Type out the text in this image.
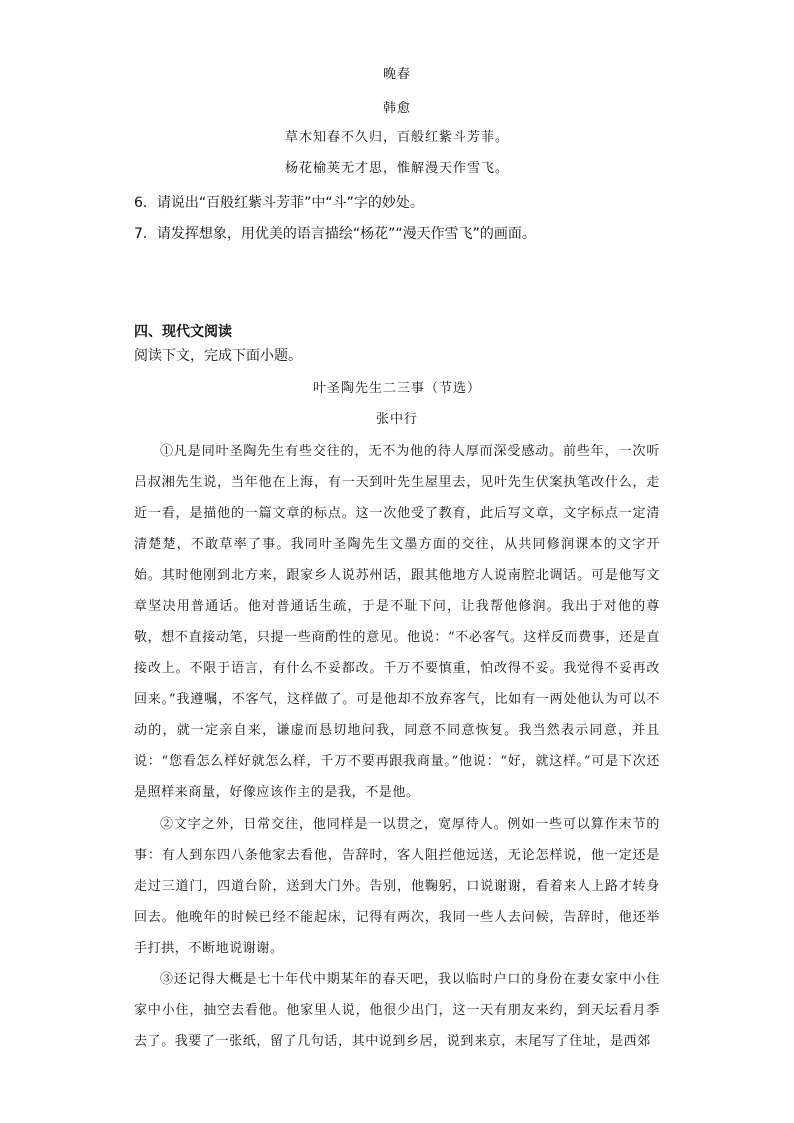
晚春
韩愈
草木知春不久归，百般红紫斗芳菲。
杨花榆荚无才思，惟解漫天作雪飞。
6．请说出“百般红紫斗芳菲”中“斗”字的妙处。
7．请发挥想象，用优美的语言描绘“杨花”“漫天作雪飞”的画面。
四、现代文阅读
阅读下文，完成下面小题。
叶圣陶先生二三事（节选）
张中行
①凡是同叶圣陶先生有些交往的，无不为他的待人厚而深受感动。前些年，一次听吕叔湘先生说，当年他在上海，有一天到叶先生屋里去，见叶先生伏案执笔改什么，走近一看，是描他的一篇文章的标点。这一次他受了教育，此后写文章，文字标点一定清清楚楚，不敢草率了事。我同叶圣陶先生文墨方面的交往，从共同修润课本的文字开始。其时他刚到北方来，跟家乡人说苏州话，跟其他地方人说南腔北调话。可是他写文章坚决用普通话。他对普通话生疏，于是不耻下问，让我帮他修润。我出于对他的尊敬，想不直接动笔，只提一些商酌性的意见。他说：“不必客气。这样反而费事，还是直接改上。不限于语言，有什么不妥都改。千万不要慎重，怕改得不妥。我觉得不妥再改回来。”我遵嘱，不客气，这样做了。可是他却不放弃客气，比如有一两处他认为可以不动的，就一定亲自来，谦虚而恳切地问我，同意不同意恢复。我当然表示同意，并且说：“您看怎么样好就怎么样，千万不要再跟我商量。”他说：“好，就这样。”可是下次还是照样来商量，好像应该作主的是我，不是他。
②文字之外，日常交往，他同样是一以贯之，宽厚待人。例如一些可以算作末节的事：有人到东四八条他家去看他，告辞时，客人阻拦他远送，无论怎样说，他一定还是走过三道门，四道台阶，送到大门外。告别，他鞠躬，口说谢谢，看着来人上路才转身回去。他晚年的时候已经不能起床，记得有两次，我同一些人去问候，告辞时，他还举手打拱，不断地说谢谢。
③还记得大概是七十年代中期某年的春天吧，我以临时户口的身份在妻女家中小住家中小住，抽空去看他。他家里人说，他很少出门，这一天有朋友来约，到天坛看月季去了。我要了一张纸，留了几句话，其中说到乡居，说到来京，末尾写了住址，是西郊
